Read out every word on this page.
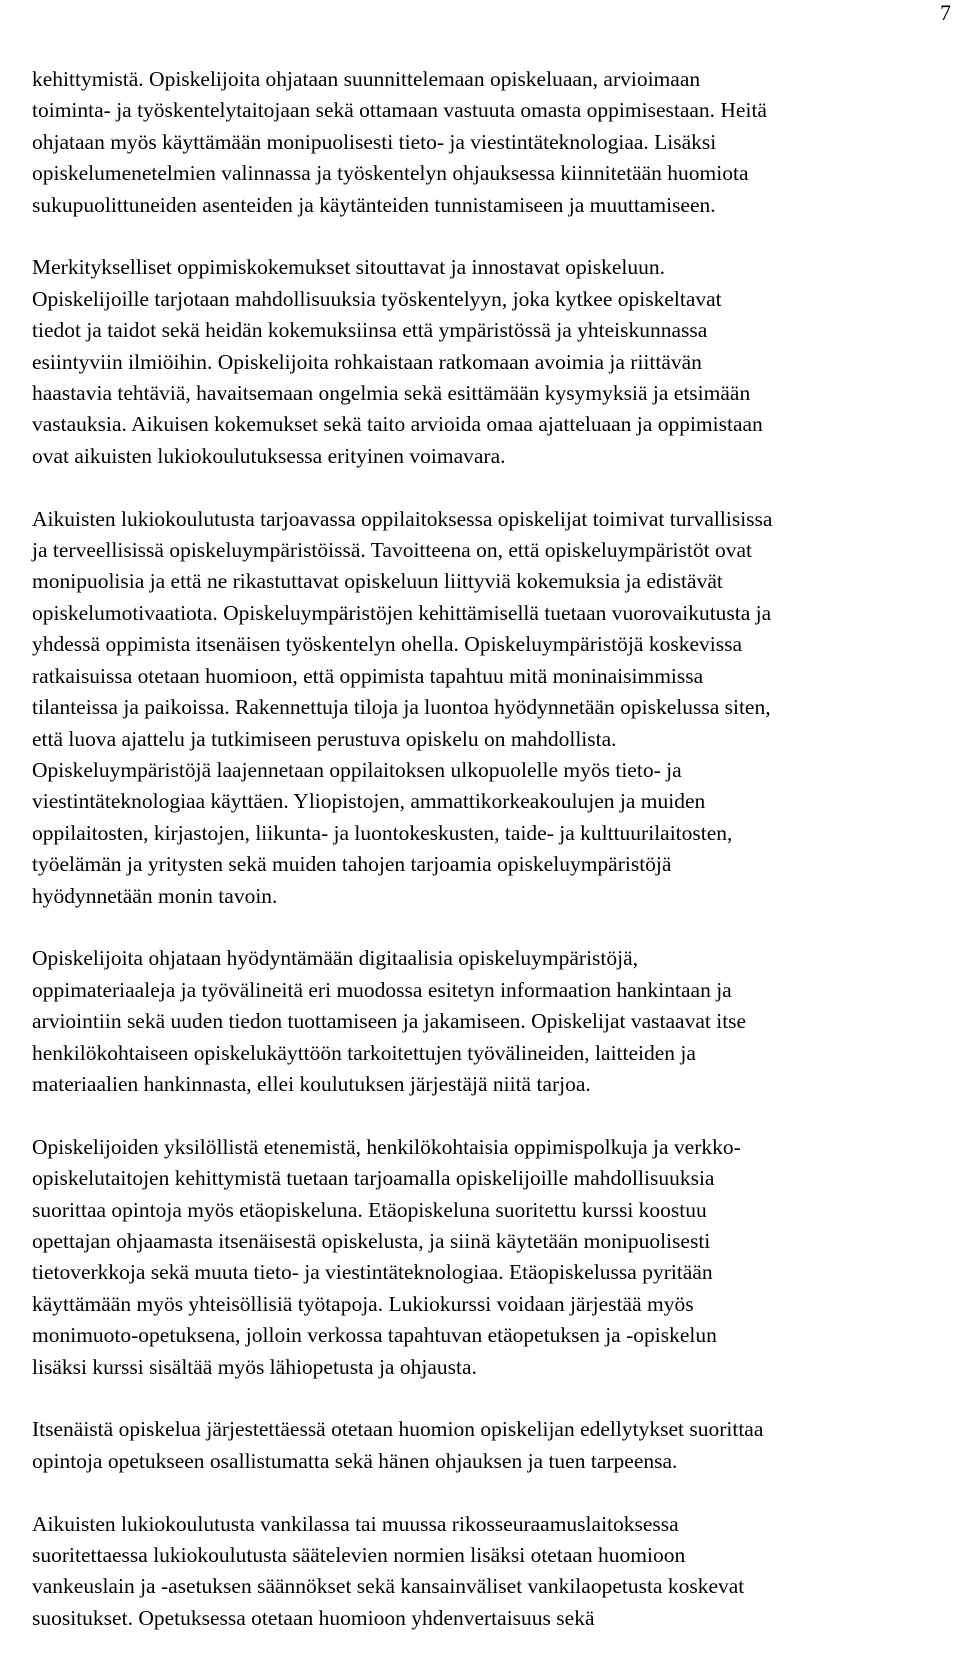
7

kehittymistä. Opiskelijoita ohjataan suunnittelemaan opiskeluaan, arvioimaan
toiminta- ja työskentelytaitojaan sekä ottamaan vastuuta omasta oppimisestaan. Heitä
ohjataan myös käyttämään monipuolisesti tieto- ja viestintäteknologiaa. Lisäksi
opiskelumenetelmien valinnassa ja työskentelyn ohjauksessa kiinnitetään huomiota
sukupuolittuneiden asenteiden ja käytänteiden tunnistamiseen ja muuttamiseen.

Merkitykselliset oppimiskokemukset sitouttavat ja innostavat opiskeluun.
Opiskelijoille tarjotaan mahdollisuuksia työskentelyyn, joka kytkee opiskeltavat
tiedot ja taidot sekä heidän kokemuksiinsa että ympäristössä ja yhteiskunnassa
esiintyviin ilmiöihin. Opiskelijoita rohkaistaan ratkomaan avoimia ja riittävän
haastavia tehtäviä, havaitsemaan ongelmia sekä esittämään kysymyksiä ja etsimään
vastauksia. Aikuisen kokemukset sekä taito arvioida omaa ajatteluaan ja oppimistaan
ovat aikuisten lukiokoulutuksessa erityinen voimavara.

Aikuisten lukiokoulutusta tarjoavassa oppilaitoksessa opiskelijat toimivat turvallisissa
ja terveellisissä opiskeluympäristöissä. Tavoitteena on, että opiskeluympäristöt ovat
monipuolisia ja että ne rikastuttavat opiskeluun liittyviä kokemuksia ja edistävät
opiskelumotivaatiota. Opiskeluympäristöjen kehittämisellä tuetaan vuorovaikutusta ja
yhdessä oppimista itsenäisen työskentelyn ohella. Opiskeluympäristöjä koskevissa
ratkaisuissa otetaan huomioon, että oppimista tapahtuu mitä moninaisimmissa
tilanteissa ja paikoissa. Rakennettuja tiloja ja luontoa hyödynnetään opiskelussa siten,
että luova ajattelu ja tutkimiseen perustuva opiskelu on mahdollista.
Opiskeluympäristöjä laajennetaan oppilaitoksen ulkopuolelle myös tieto- ja
viestintäteknologiaa käyttäen. Yliopistojen, ammattikorkeakoulujen ja muiden
oppilaitosten, kirjastojen, liikunta- ja luontokeskusten, taide- ja kulttuurilaitosten,
työelämän ja yritysten sekä muiden tahojen tarjoamia opiskeluympäristöjä
hyödynnetään monin tavoin.

Opiskelijoita ohjataan hyödyntämään digitaalisia opiskeluympäristöjä,
oppimateriaaleja ja työvälineitä eri muodossa esitetyn informaation hankintaan ja
arviointiin sekä uuden tiedon tuottamiseen ja jakamiseen. Opiskelijat vastaavat itse
henkilökohtaiseen opiskelukäyttöön tarkoitettujen työvälineiden, laitteiden ja
materiaalien hankinnasta, ellei koulutuksen järjestäjä niitä tarjoa.

Opiskelijoiden yksilöllistä etenemistä, henkilökohtaisia oppimispolkuja ja verkko-
opiskelutaitojen kehittymistä tuetaan tarjoamalla opiskelijoille mahdollisuuksia
suorittaa opintoja myös etäopiskeluna. Etäopiskeluna suoritettu kurssi koostuu
opettajan ohjaamasta itsenäisestä opiskelusta, ja siinä käytetään monipuolisesti
tietoverkkoja sekä muuta tieto- ja viestintäteknologiaa. Etäopiskelussa pyritään
käyttämään myös yhteisöllisiä työtapoja. Lukiokurssi voidaan järjestää myös
monimuoto-opetuksena, jolloin verkossa tapahtuvan etäopetuksen ja -opiskelun
lisäksi kurssi sisältää myös lähiopetusta ja ohjausta.

Itsenäistä opiskelua järjestettäessä otetaan huomion opiskelijan edellytykset suorittaa
opintoja opetukseen osallistumatta sekä hänen ohjauksen ja tuen tarpeensa.

Aikuisten lukiokoulutusta vankilassa tai muussa rikosseuraamuslaitoksessa
suoritettaessa lukiokoulutusta säätelevien normien lisäksi otetaan huomioon
vankeuslain ja -asetuksen säännökset sekä kansainväliset vankilaopetusta koskevat
suositukset. Opetuksessa otetaan huomioon yhdenvertaisuus sekä
